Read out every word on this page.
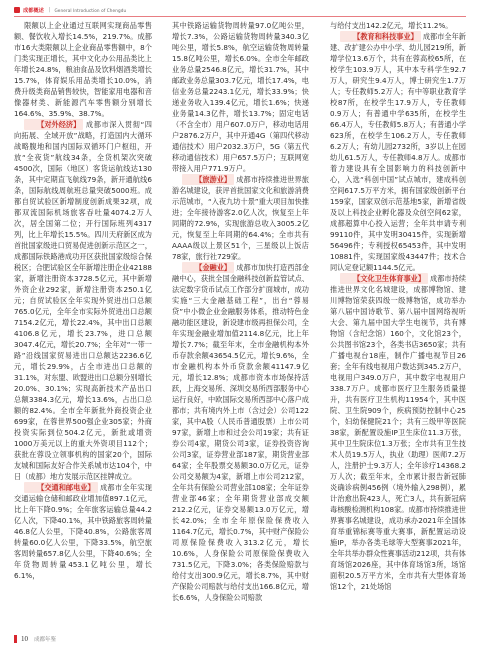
成都概述 | General Introduction of Chengdu

限额以上企业通过互联网实现商品零售额、餐饮收入增长14.5%，219.7%。成都市16大类限额以上企业商品零售额中，8个门类实现正增长，其中文化办公用品类比上年增长24.8%，粮油食品及饮料烟酒类增长15.7%，体育娱乐用品类增长10.0%，消费升级类商品销售较快，智能家用电器和音像器材类、新能源汽车零售额分别增长164.6%、35.9%、38.7%。

【对外经济】 成都市深入贯彻“四向拓展、全域开放”战略，打造国内大循环战略腹地和国内国际双循环门户枢纽，开放“全夜货”航线34条，全货机架次突破4500次，国际（地区）客货运航线达130条，其中定期直飞航线79条，新开通航线6条，国际航线周航班总量突破5000班。成都自贸试验区新增制度创新成果32项，成都双流国际机场旅客吞吐量4074.2万人次，居全国第二位；开行国际班列4317列，比上年增长15.5%。四川天府新区成为首批国家级进口贸易促进创新示范区之一，成都国际铁路港成功开区获批国家级综合保税区；合肥试验区全年新增注册企业42188家，新增注册资本3728.5亿元，其中新增外资企业292家，新增注册资本250.1亿元；自贸试验区全年实现外贸进出口总额765.0亿元，全年全市实际外贸进出口总额7154.2亿元，增长22.4%，其中出口总额4106.8亿元，增长23.7%，进口总额3047.4亿元，增长20.7%；全年对“一带一路”沿线国家贸易进出口总额达2236.6亿元，增长29.9%，占全市进出口总额的31.1%，对东盟、欧盟进出口总额分别增长20.0%、30.1%；实现高新技术产品出口总额3384.3亿元，增长13.6%，占出口总额的82.4%。全市全年新批外商投资企业699家，在蓉世界500强企业305家；外商投资实际到位504.2亿元，新批或增资1000万美元以上的重大外资项目112个；获批在蓉设立领事机构的国家20个，国际友城和国际友好合作关系城市达104个，中日（成都）地方发展示范区挂牌成立。

【交通和邮电业】 成都市全年实现交通运输仓储和邮政业增加值897.1亿元，比上年下降0.9%；全年旅客运输总量44.2亿人次，下降40.1%，其中铁路旅客周转量46.8亿人公里，下降40.8%，公路旅客周转量60.0亿人公里，下降33.5%，航空旅客周转量657.8亿人公里，下降40.6%；全年货物周转量453.1亿吨公里，增长6.1%，

其中铁路运输货物周转量97.0亿吨公里，增长7.3%，公路运输货物周转量340.3亿吨公里，增长5.8%，航空运输货物周转量15.8亿吨公里，增长6.0%。全市全年邮政业务总量2546.8亿元，增长31.7%，其中邮政业务总量303.7亿元，增长17.4%，电信业务总量2243.1亿元，增长33.9%；快递业务收入139.4亿元，增长1.6%；快递业务量14.3亿件，增长13.7%；固定电话（不含全市）用户607.0万户，移动电话用户2876.2万户，其中开通4G（第四代移动通信技术）用户2032.3万户，5G（第五代移动通信技术）用户657.5万户；互联网宽带接入用户771.9万户。

【旅游业】 成都市持续推进世界旅游名城建设，获评首批国家文化和旅游消费示范城市，“入夜九坊十景”重大项目加快推进；全年接待游客2.0亿人次，恢复至上年同期的72.9%，实现旅游总收入3005.2亿元，恢复至上年同期的64.4%；全市共有AAAA级以上景区51个，三星级以上饭店78家，旅行社729家。

【金融业】 成都市加快打造西部金融中心，获批全国金融科技创新监管试点、法定数字货币试点工作部分扩面城市，成功实施“三大金融基础工程”，出台“蓉易贷”中小微企业金融服务体系，推动特色金融功能区建设，新设建市级再担保公司，全年实现金融业增加值2114.8亿元，比上年增长7.7%；截至年末，全市金融机构本外币存款余额43654.5亿元，增长9.6%，全市金融机构本外币贷款余额41147.9亿元，增长12.8%；成都市资本市场保持活跃，上海交易所、深圳交易所西部服务中心运行良好，中欧国际交易所西部中心落户成都市；共有境内外上市（含过会）公司122家，其中A股（人民币普通股票）上市公司97家，新增上市和过会公司19家；共有证券公司4家，期货公司3家，证券投资咨询公司3家，证券营业部187家，期货营业部64家；全年股票交易额30.0万亿元，证券公司交易额为4家，新增上市公司212家，全年共有保险公司营业部108家；全年证券营业部46家；全年期货营业部成交额212.2亿元，证券交易额13.0万亿元，增长42.0%；全市全年原保险保费收入1164.7亿元，增长0.7%，其中财产保险公司原保险保费收入313.2亿元，增长10.6%，人身保险公司原保险保费收入731.5亿元，下降3.0%；各类保险赔款与给付支出300.9亿元，增长8.7%，其中财产保险公司赔款与给付支出166.8亿元，增长6.6%，人身保险公司赔款

与给付支出142.2亿元，增长11.2%。

【教育和科技事业】 成都市全年新建、改扩建公办中小学、幼儿园219所，新增学位13.6万个，共有在蓉高校65所，在校学生103.9万人，其中本专科学生92.7万人，研究生9.4万人，博士研究生1.7万人；专任教师5.2万人；有中等职业教育学校87所，在校学生17.9万人，专任教师0.9万人；有普通中学635所，在校学生66.4万人，专任教师5.8万人；有普通小学623所，在校学生106.2万人，专任教师6.2万人；有幼儿园2732所，3岁以上在园幼儿61.5万人，专任教师4.8万人。成都市着力建设具有全国影响力的科技创新中心，入选“科创中国”试点城市，建成科创空间617.5万平方米，拥有国家级创新平台159家，国家双创示范基地5家，新增省级及以上科技企业孵化器及众创空间62家，成都超算中心投入运营；全年共申请专利99110件，其中发明30415件，实现新增56496件；专利授权65453件，其中发明10881件，实现国家级43447件；技术合同认定登记额1144.5亿元。

【文化卫生体育事业】 成都市持续推进世界文化名城建设，成都博物馆、建川博物馆荣获四级一级博物馆，成功举办第八届中国诗歌节、第八届中国网络视听大会、第九届中国大学生电视节，共有博物馆（含纪念馆）160个，文化馆23个，公共图书馆23个，各类书店3650家；共有广播电视台18座，制作广播电视节目26套；全年有线电视用户数达到345.2万户，电视用户349.0万户，其中数字电视用户338.7万户。成都市医疗卫生服务质量提升，共有医疗卫生机构11954个，其中医院、卫生院909个，疾病预防控制中心25个，妇幼保健院21个；共有三级甲等医院38家，新配置设施IP卫生床位11.3万张，其中卫生院床位1.3万张；全市共有卫生技术人员19.5万人，执业（助理）医师7.2万人，注册护士9.3万人；全年诊疗14368.2万人次；截至年末，全市累计报告新冠肺炎确诊病例456例（境外输入298例），累计治愈出院423人，死亡3人，共有新冠病毒核酸检测机构108家。成都市持续推进世界赛事名城建设，成功承办2021年全国体育举重锦标赛等重大赛事，新配置运动设施IP，举办各类毛球等大型赛事2021年，全年共举办群众性赛事活动212项，共有体育场馆2026座，其中体育场馆3所，场馆面积20.5万平方米，全市共有大型体育场馆12个，21处场馆

10 成都年鉴
